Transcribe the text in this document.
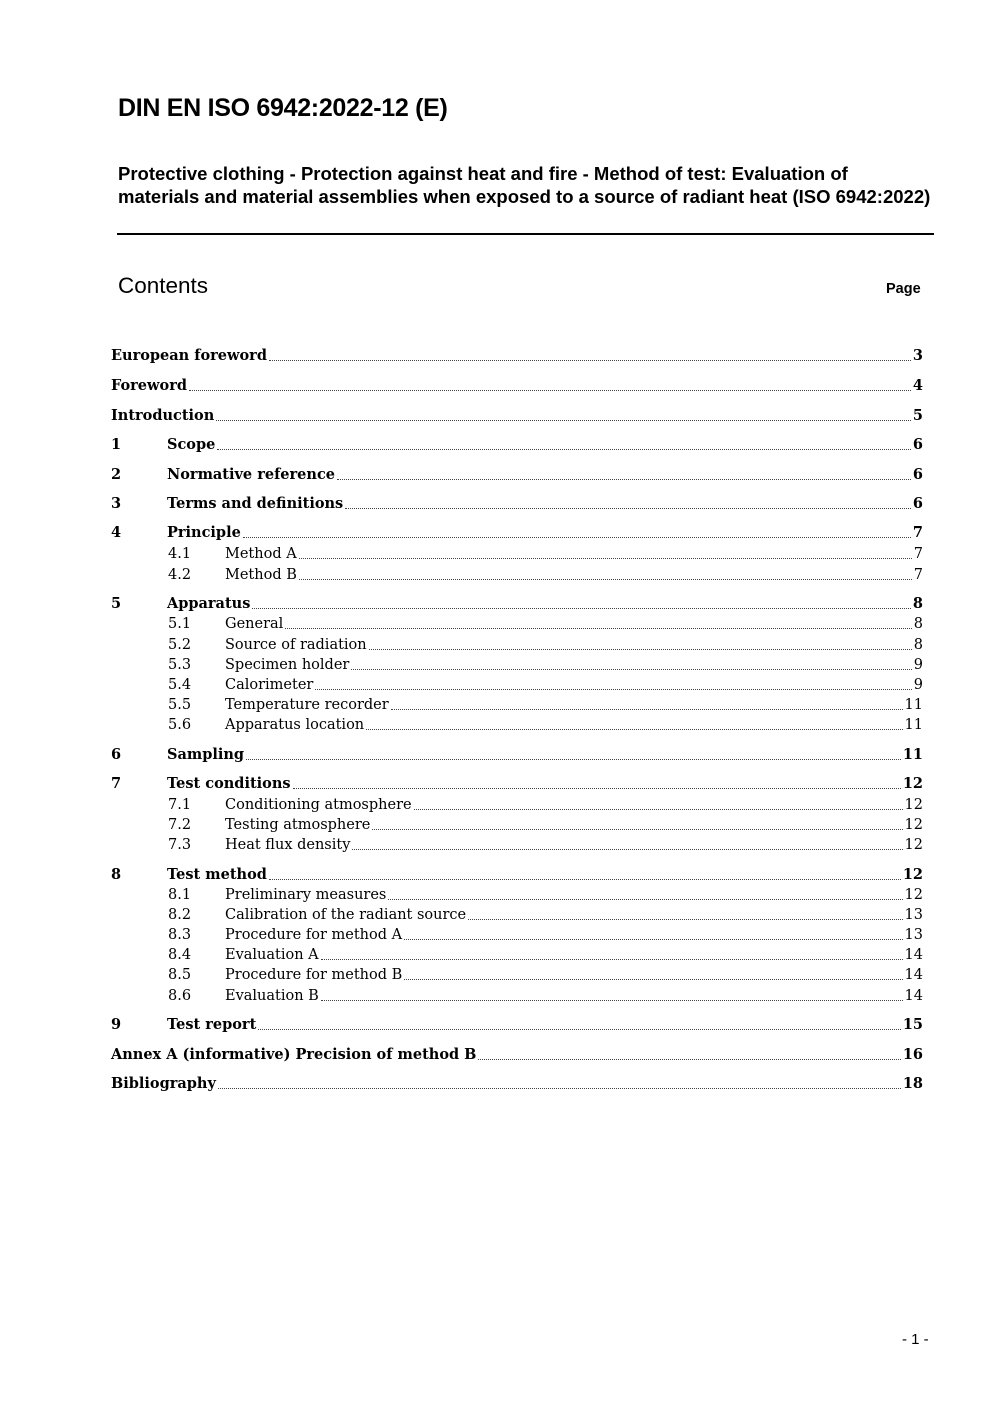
DIN EN ISO 6942:2022-12 (E)
Protective clothing - Protection against heat and fire - Method of test: Evaluation of materials and material assemblies when exposed to a source of radiant heat (ISO 6942:2022)
Contents	Page
European foreword	3
Foreword	4
Introduction	5
1	Scope	6
2	Normative reference	6
3	Terms and definitions	6
4	Principle	7
4.1	Method A	7
4.2	Method B	7
5	Apparatus	8
5.1	General	8
5.2	Source of radiation	8
5.3	Specimen holder	9
5.4	Calorimeter	9
5.5	Temperature recorder	11
5.6	Apparatus location	11
6	Sampling	11
7	Test conditions	12
7.1	Conditioning atmosphere	12
7.2	Testing atmosphere	12
7.3	Heat flux density	12
8	Test method	12
8.1	Preliminary measures	12
8.2	Calibration of the radiant source	13
8.3	Procedure for method A	13
8.4	Evaluation A	14
8.5	Procedure for method B	14
8.6	Evaluation B	14
9	Test report	15
Annex A (informative) Precision of method B	16
Bibliography	18
- 1 -
